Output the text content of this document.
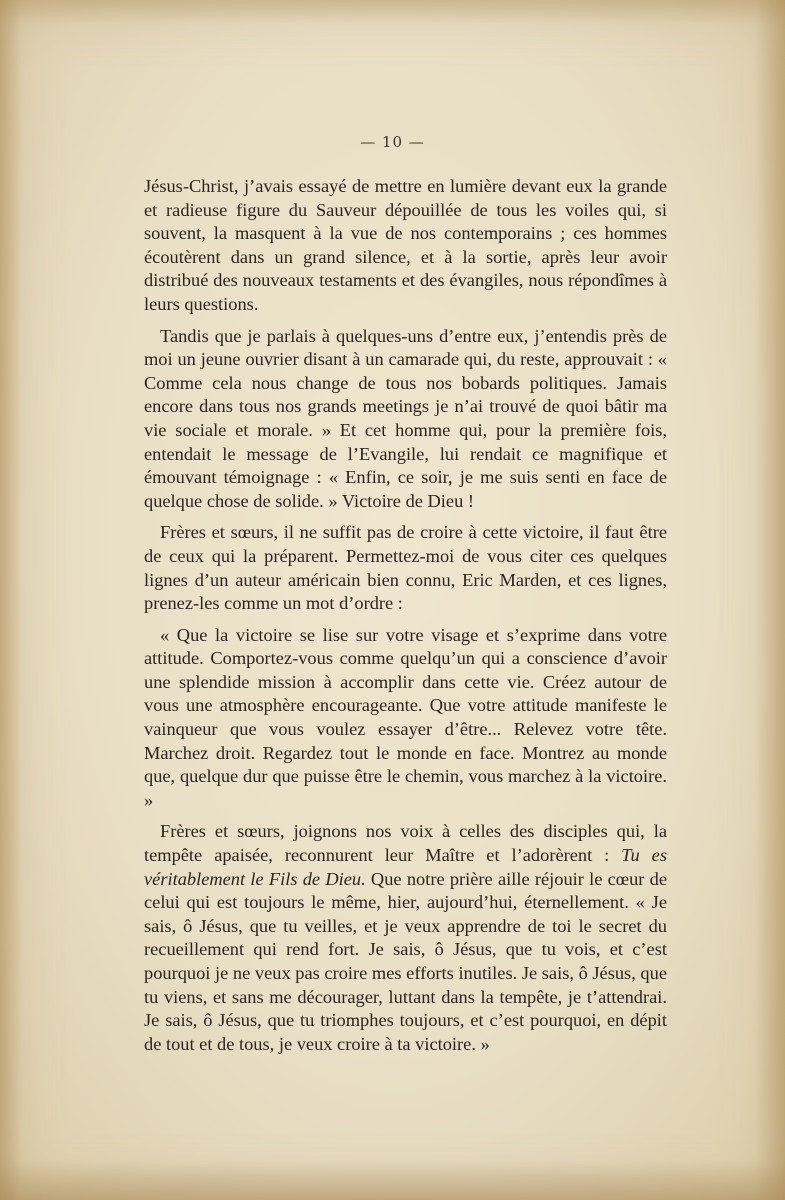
— 10 —

Jésus-Christ, j’avais essayé de mettre en lumière devant eux la grande et radieuse figure du Sauveur dépouillée de tous les voiles qui, si souvent, la masquent à la vue de nos contemporains ; ces hommes écoutèrent dans un grand silence, et à la sortie, après leur avoir distribué des nouveaux testaments et des évangiles, nous répondîmes à leurs questions.

Tandis que je parlais à quelques-uns d’entre eux, j’entendis près de moi un jeune ouvrier disant à un camarade qui, du reste, approuvait : « Comme cela nous change de tous nos bobards politiques. Jamais encore dans tous nos grands meetings je n’ai trouvé de quoi bâtir ma vie sociale et morale. » Et cet homme qui, pour la première fois, entendait le message de l’Evangile, lui rendait ce magnifique et émouvant témoignage : « Enfin, ce soir, je me suis senti en face de quelque chose de solide. » Victoire de Dieu !

Frères et sœurs, il ne suffit pas de croire à cette victoire, il faut être de ceux qui la préparent. Permettez-moi de vous citer ces quelques lignes d’un auteur américain bien connu, Eric Marden, et ces lignes, prenez-les comme un mot d’ordre :

« Que la victoire se lise sur votre visage et s’exprime dans votre attitude. Comportez-vous comme quelqu’un qui a conscience d’avoir une splendide mission à accomplir dans cette vie. Créez autour de vous une atmosphère encourageante. Que votre attitude manifeste le vainqueur que vous voulez essayer d’être... Relevez votre tête. Marchez droit. Regardez tout le monde en face. Montrez au monde que, quelque dur que puisse être le chemin, vous marchez à la victoire. »

Frères et sœurs, joignons nos voix à celles des disciples qui, la tempête apaisée, reconnurent leur Maître et l’adorèrent : Tu es véritablement le Fils de Dieu. Que notre prière aille réjouir le cœur de celui qui est toujours le même, hier, aujourd’hui, éternellement. « Je sais, ô Jésus, que tu veilles, et je veux apprendre de toi le secret du recueillement qui rend fort. Je sais, ô Jésus, que tu vois, et c’est pourquoi je ne veux pas croire mes efforts inutiles. Je sais, ô Jésus, que tu viens, et sans me décourager, luttant dans la tempête, je t’attendrai. Je sais, ô Jésus, que tu triomphes toujours, et c’est pourquoi, en dépit de tout et de tous, je veux croire à ta victoire. »
